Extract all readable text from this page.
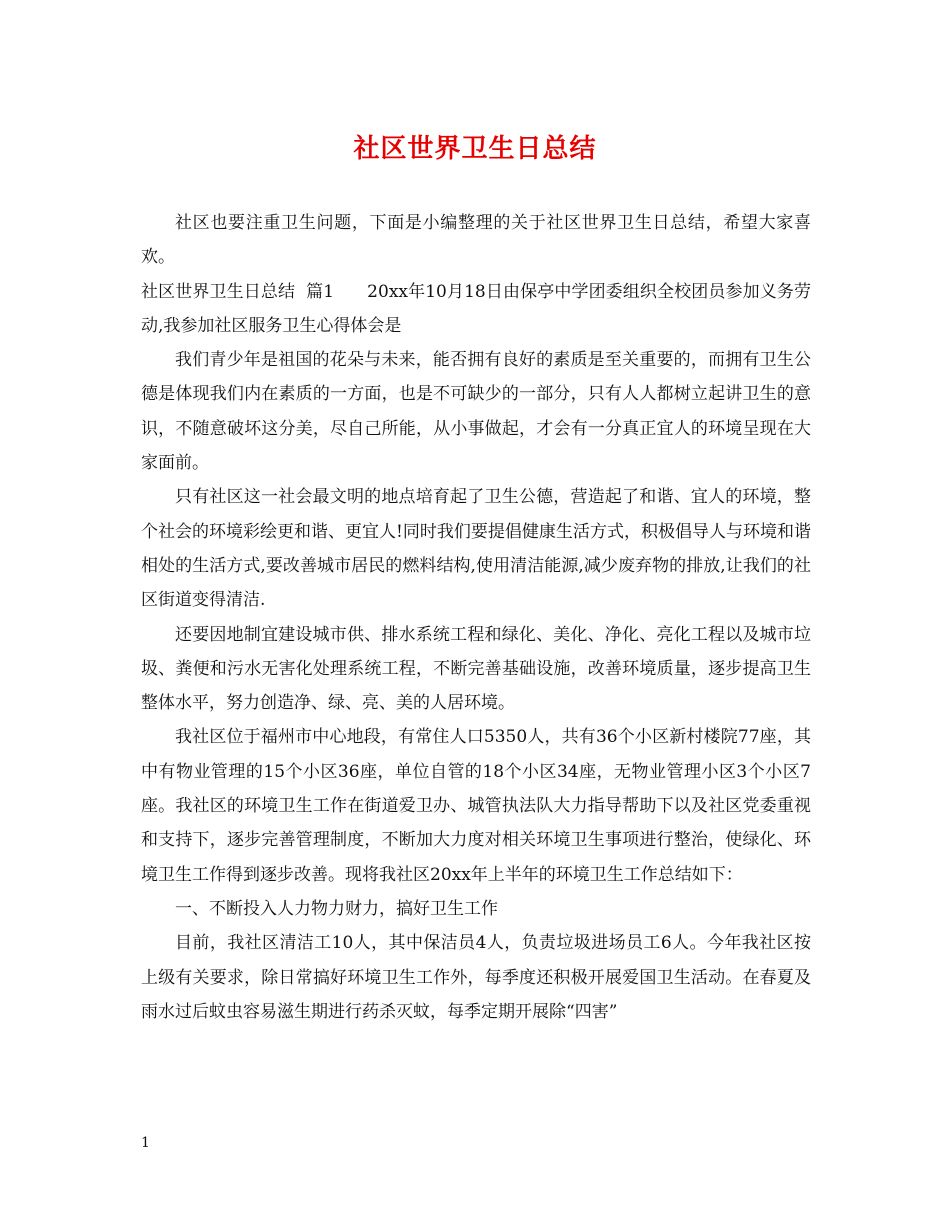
社区世界卫生日总结

社区也要注重卫生问题，下面是小编整理的关于社区世界卫生日总结，希望大家喜欢。

社区世界卫生日总结  篇1      20xx年10月18日由保亭中学团委组织全校团员参加义务劳动,我参加社区服务卫生心得体会是

我们青少年是祖国的花朵与未来，能否拥有良好的素质是至关重要的，而拥有卫生公德是体现我们内在素质的一方面，也是不可缺少的一部分，只有人人都树立起讲卫生的意识，不随意破坏这分美，尽自己所能，从小事做起，才会有一分真正宜人的环境呈现在大家面前。

只有社区这一社会最文明的地点培育起了卫生公德，营造起了和谐、宜人的环境，整个社会的环境彩绘更和谐、更宜人!同时我们要提倡健康生活方式，积极倡导人与环境和谐相处的生活方式,要改善城市居民的燃料结构,使用清洁能源,减少废弃物的排放,让我们的社区街道变得清洁.

还要因地制宜建设城市供、排水系统工程和绿化、美化、净化、亮化工程以及城市垃圾、粪便和污水无害化处理系统工程，不断完善基础设施，改善环境质量，逐步提高卫生整体水平，努力创造净、绿、亮、美的人居环境。

我社区位于福州市中心地段，有常住人口5350人，共有36个小区新村楼院77座，其中有物业管理的15个小区36座，单位自管的18个小区34座，无物业管理小区3个小区7座。我社区的环境卫生工作在街道爱卫办、城管执法队大力指导帮助下以及社区党委重视和支持下，逐步完善管理制度，不断加大力度对相关环境卫生事项进行整治，使绿化、环境卫生工作得到逐步改善。现将我社区20xx年上半年的环境卫生工作总结如下：

一、不断投入人力物力财力，搞好卫生工作

目前，我社区清洁工10人，其中保洁员4人，负责垃圾进场员工6人。今年我社区按上级有关要求，除日常搞好环境卫生工作外，每季度还积极开展爱国卫生活动。在春夏及雨水过后蚊虫容易滋生期进行药杀灭蚊，每季定期开展除“四害”

1
